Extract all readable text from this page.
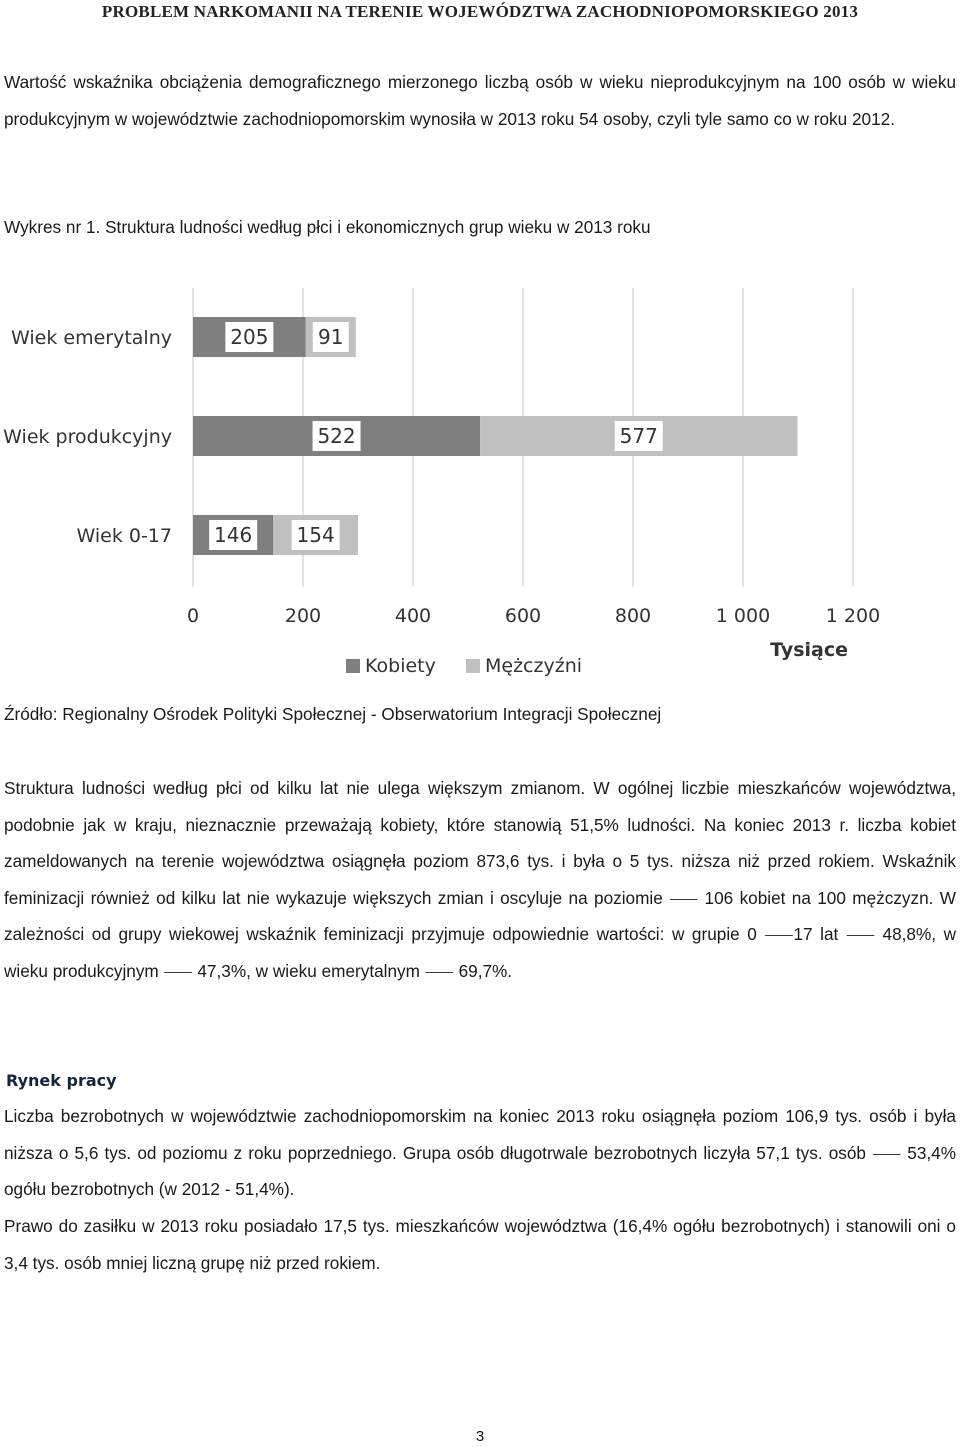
PROBLEM NARKOMANII NA TERENIE WOJEWÓDZTWA ZACHODNIOPOMORSKIEGO 2013

Wartość wskaźnika obciążenia demograficznego mierzonego liczbą osób w wieku nieprodukcyjnym na 100 osób w wieku produkcyjnym w województwie zachodniopomorskim wynosiła w 2013 roku 54 osoby, czyli tyle samo co w roku 2012.

Wykres nr 1. Struktura ludności według płci i ekonomicznych grup wieku w 2013 roku

0	200	400	600	800	1 000	1 200
Wiek emerytalny	205 91
Wiek produkcyjny	522	577
Wiek 0-17 146 154
Tysiące
Kobiety	Mężczyźni

Źródło: Regionalny Ośrodek Polityki Społecznej - Obserwatorium Integracji Społecznej

Struktura ludności według płci od kilku lat nie ulega większym zmianom. W ogólnej liczbie mieszkańców województwa, podobnie jak w kraju, nieznacznie przeważają kobiety, które stanowią 51,5% ludności. Na koniec 2013 r. liczba kobiet zameldowanych na terenie województwa osiągnęła poziom 873,6 tys. i była o 5 tys. niższa niż przed rokiem. Wskaźnik feminizacji również od kilku lat nie wykazuje większych zmian i oscyluje na poziomie ⸺ 106 kobiet na 100 mężczyzn. W zależności od grupy wiekowej wskaźnik feminizacji przyjmuje odpowiednie wartości: w grupie 0 ⸺17 lat ⸺ 48,8%, w wieku produkcyjnym ⸺ 47,3%, w wieku emerytalnym ⸺ 69,7%.

Rynek pracy

Liczba bezrobotnych w województwie zachodniopomorskim na koniec 2013 roku osiągnęła poziom 106,9 tys. osób i była niższa o 5,6 tys. od poziomu z roku poprzedniego. Grupa osób długotrwale bezrobotnych liczyła 57,1 tys. osób ⸺ 53,4% ogółu bezrobotnych (w 2012 - 51,4%).

Prawo do zasiłku w 2013 roku posiadało 17,5 tys. mieszkańców województwa (16,4% ogółu bezrobotnych) i stanowili oni o 3,4 tys. osób mniej liczną grupę niż przed rokiem.

3
